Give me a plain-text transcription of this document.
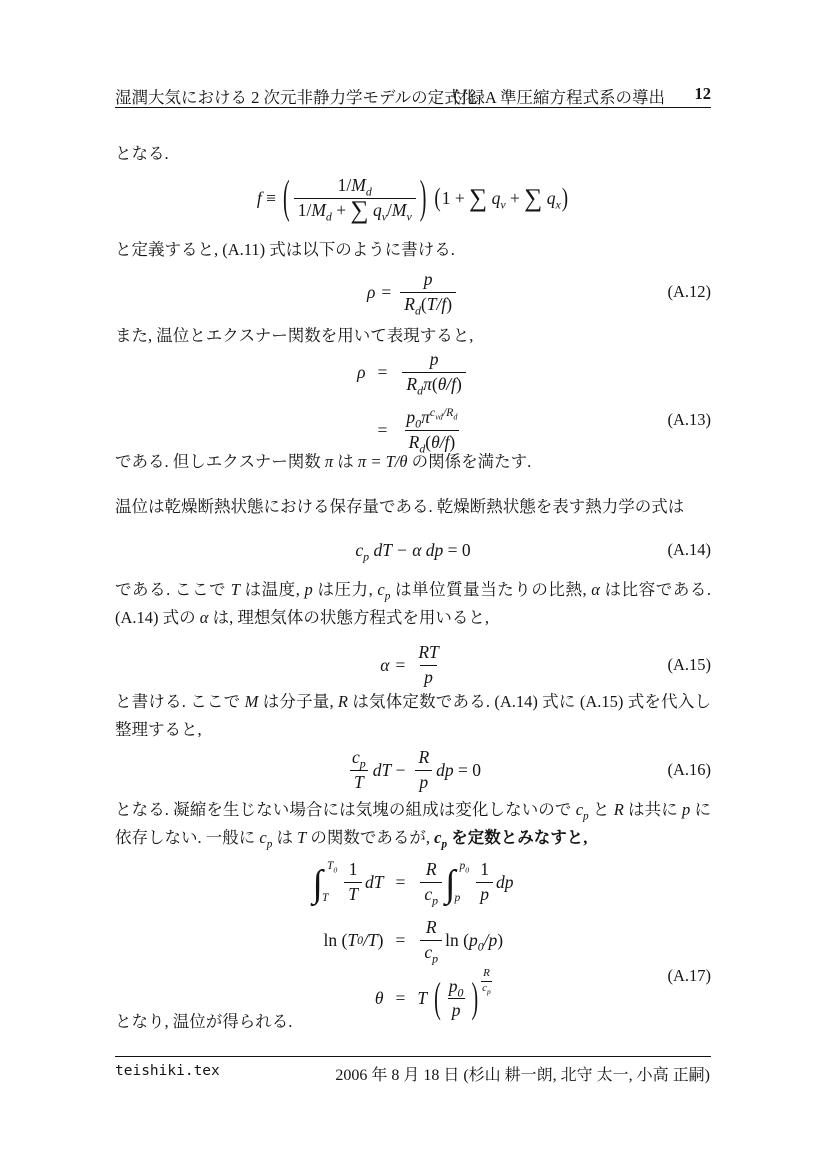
湿潤大気における 2 次元非静力学モデルの定式化
付録A 準圧縮方程式系の導出 12
となる.
f ≡ ( $\frac{1/M_d}{1/M_d + \sum q_v/M_v}$ ) ( 1 + ∑ $q_v$ + ∑ $q_x$ )
と定義すると, (A.11) 式は以下のように書ける.
$\rho = \frac{p}{R_d(T/f)}$	(A.12)
また, 温位とエクスナー関数を用いて表現すると,
$\rho = \frac{p}{R_d\pi(\theta/f)}$
= $\frac{p_0\pi^{c_{vd}/R_d}}{R_d(\theta/f)}$	(A.13)
である. 但しエクスナー関数 π は π = T/θ の関係を満たす.
温位は乾燥断熱状態における保存量である. 乾燥断熱状態を表す熱力学の式は
$c_p$ dT − α dp = 0	(A.14)
である. ここで T は温度, p は圧力, $c_p$ は単位質量当たりの比熱, α は比容である. (A.14) 式の α は, 理想気体の状態方程式を用いると,
$\alpha = \frac{RT}{p}$	(A.15)
と書ける. ここで M は分子量, R は気体定数である. (A.14) 式に (A.15) 式を代入し整理すると,
$\frac{c_p}{T}$ dT − $\frac{R}{p}$ dp = 0	(A.16)
となる. 凝縮を生じない場合には気塊の組成は変化しないので $c_p$ と R は共に p に依存しない. 一般に $c_p$ は T の関数であるが, $c_p$ を定数とみなすと,
∫ $T_0$
T $\frac{1}{T}$ dT = $\frac{R}{c_p}$ ∫ $p_0$
p $\frac{1}{p}$ dp
ln ( T 0 /T ) = $\frac{R}{c_p}$ $\ln (p_0/p)$
θ = T ( $\frac{p_0}{p}$ ) $\frac{R}{c_p}$	(A.17)
となり, 温位が得られる.
teishiki.tex	2006 年 8 月 18 日 (杉山 耕一朗, 北守 太一, 小高 正嗣)
